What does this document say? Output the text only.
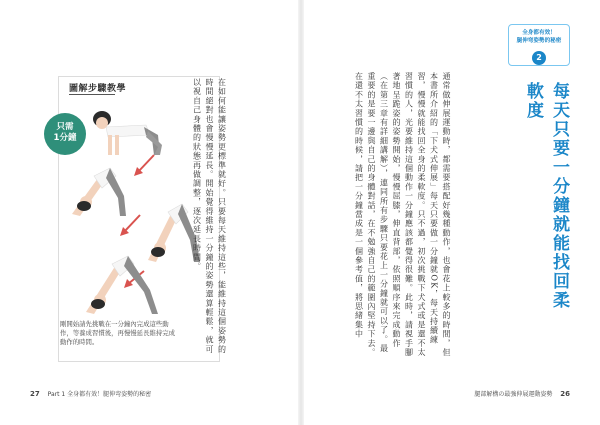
圖解步驟教學
只需
1分鐘
剛開始請先挑戰在一分鐘內完成這些動
作，等養成習慣後，再慢慢延長維持完成
動作的時間。	在如何能讓姿勢更標準就好。只要每天維持這些，能維持這個姿勢的時間絕對也會慢慢延長。開始覺得維持一分鐘的姿勢還算輕鬆，就可以視自己身體的狀態再做調整，逐次延長時間。
27 Part 1 全身都有效！腿伸弯姿勢的秘密
全身都有效！
腿伸弯姿勢的秘密
2
每天只要一分鐘就能找回柔軟度
通常做伸展運動時，都需要搭配好幾種動作，也會花上較多的時間，但本書所介紹的「下犬式伸展」每天只要做一分鐘就OK，每天持續練習，慢慢就能找回全身的柔軟度。只不過，初次挑戰下犬式或是還不太習慣的人，光要維持這個動作一分鐘應該都覺得很難。此時，請視手腳著地呈跪姿的姿勢開始，慢慢屈膝，伸直背部，依照順序來完成動作（在第三章有詳細講解），連同所有步驟只要花上一分鐘就可以了。最重要的是要一邊與自己的身體對話，在不勉強自己的範圍內堅持下去。在還不太習慣的時候，請把一分鐘當成是一個參考值，將思緒集中
腿部解構の最強伸展運動姿勢 26
